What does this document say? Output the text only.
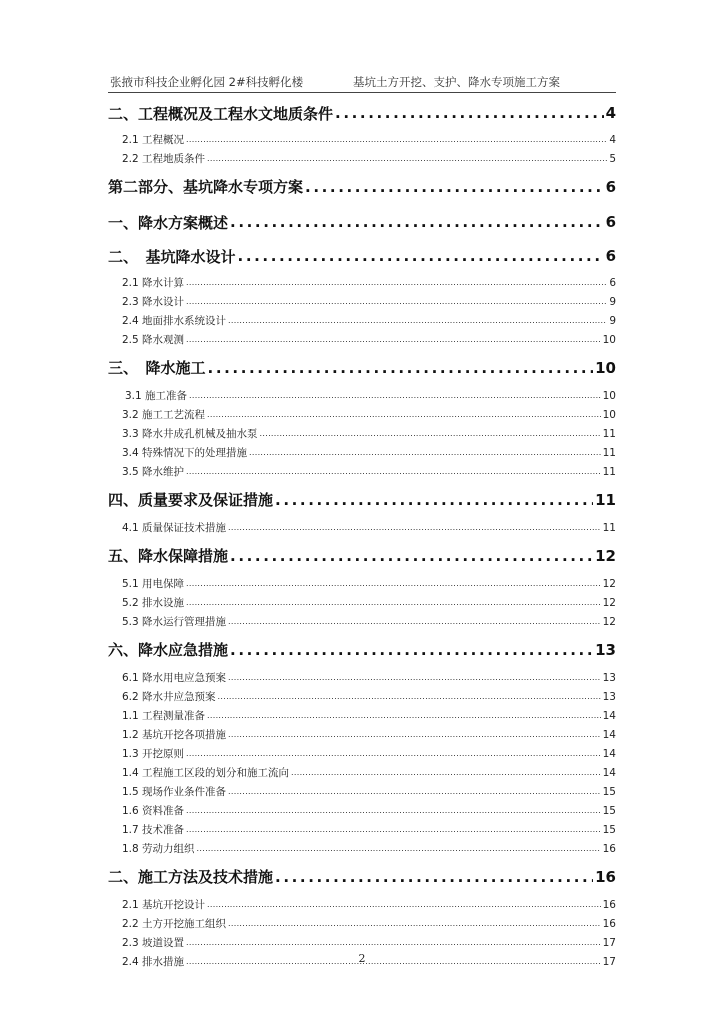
张掖市科技企业孵化园 2#科技孵化楼	基坑土方开挖、支护、降水专项施工方案
二、工程概况及工程水文地质条件 .....	4
2.1 工程概况 .....	4
2.2 工程地质条件 .....	5
第二部分、基坑降水专项方案 .....	6
一、降水方案概述 .....	6
二、　基坑降水设计 .....	6
2.1 降水计算 .....	6
2.3 降水设计 .....	9
2.4 地面排水系统设计 .....	9
2.5 降水观测 .....	10
三、　降水施工 .....	10
3.1 施工准备 .....	10
3.2 施工工艺流程 .....	10
3.3 降水井成孔机械及抽水泵 .....	11
3.4 特殊情况下的处理措施 .....	11
3.5 降水维护 .....	11
四、质量要求及保证措施 .....	11
4.1 质量保证技术措施 .....	11
五、降水保障措施 .....	12
5.1 用电保障 .....	12
5.2 排水设施 .....	12
5.3 降水运行管理措施 .....	12
六、降水应急措施 .....	13
6.1 降水用电应急预案 .....	13
6.2 降水井应急预案 .....	13
1.1 工程测量准备 .....	14
1.2 基坑开挖各项措施 .....	14
1.3 开挖原则 .....	14
1.4 工程施工区段的划分和施工流向 .....	14
1.5 现场作业条件准备 .....	15
1.6 资料准备 .....	15
1.7 技术准备 .....	15
1.8 劳动力组织 .....	16
二、施工方法及技术措施 .....	16
2.1 基坑开挖设计 .....	16
2.2 土方开挖施工组织 .....	16
2.3 坡道设置 .....	17
2.4 排水措施 .....	17
2
